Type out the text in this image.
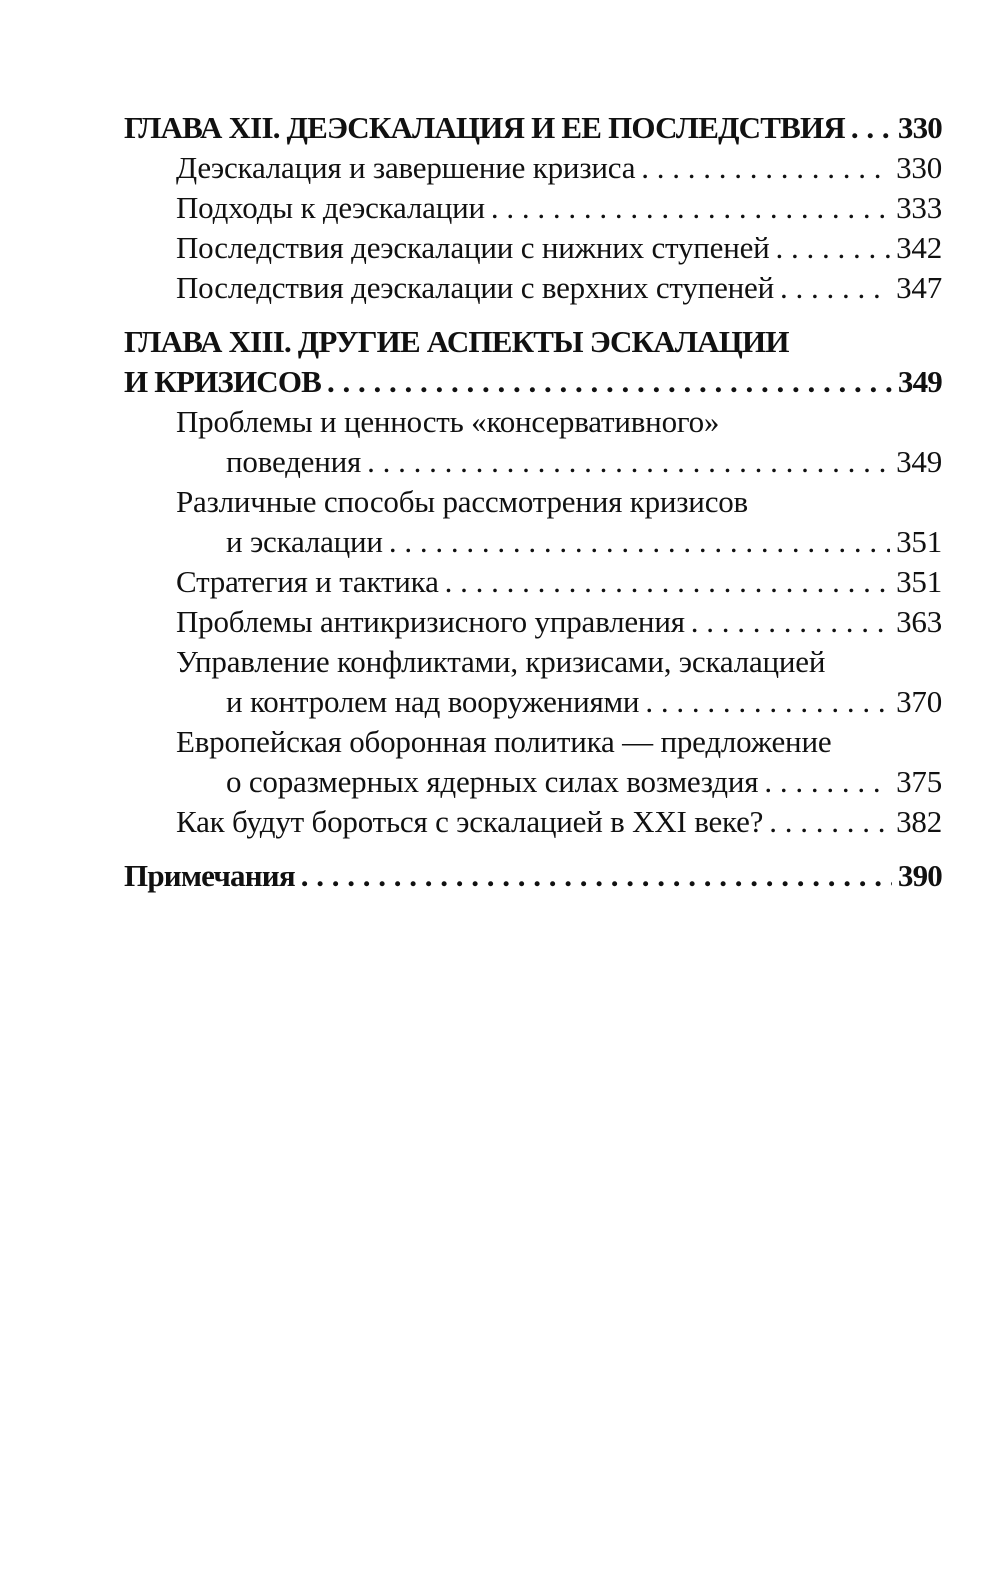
ГЛАВА XII. ДЕЭСКАЛАЦИЯ И ЕЕ ПОСЛЕДСТВИЯ . . . 330
Деэскалация и завершение кризиса . . .	330
Подходы к деэскалации . . .	333
Последствия деэскалации с нижних ступеней . . .	342
Последствия деэскалации с верхних ступеней . . .	347
ГЛАВА XIII. ДРУГИЕ АСПЕКТЫ ЭСКАЛАЦИИ
И КРИЗИСОВ . . .	349
Проблемы и ценность «консервативного»
поведения . . .	349
Различные способы рассмотрения кризисов
и эскалации . . .	351
Стратегия и тактика . . .	351
Проблемы антикризисного управления . . .	363
Управление конфликтами, кризисами, эскалацией
и контролем над вооружениями . . .	370
Европейская оборонная политика — предложение
о соразмерных ядерных силах возмездия . . .	375
Как будут бороться с эскалацией в XXI веке? . . .	382
Примечания . . .	390
